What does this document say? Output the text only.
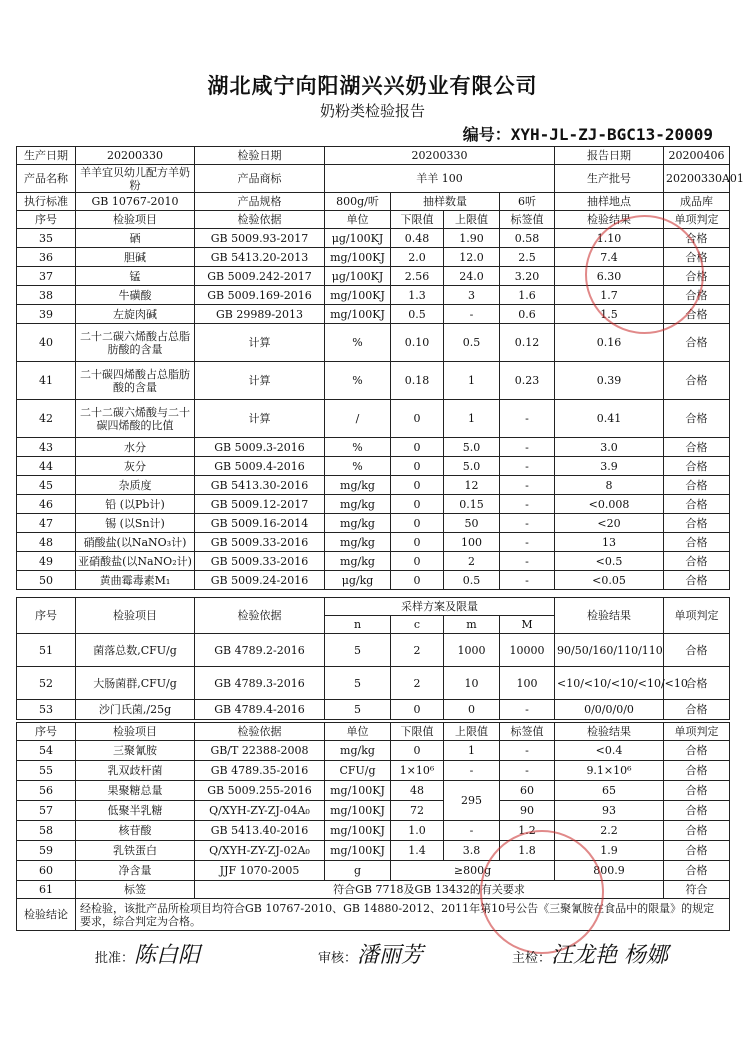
湖北咸宁向阳湖兴兴奶业有限公司
奶粉类检验报告
编号：XYH-JL-ZJ-BGC13-20009
生产日期	20200330	检验日期	20200330				报告日期	20200406
产品名称	羊羊宜贝幼儿配方羊奶粉	产品商标	羊羊 100				生产批号	20200330A01
执行标准	GB 10767-2010	产品规格	800g/听	抽样数量		6听	抽样地点	成品库
序号	检验项目	检验依据	单位	下限值	上限值	标签值	检验结果	单项判定
35	硒	GB 5009.93-2017	μg/100KJ	0.48	1.90	0.58	1.10	合格
36	胆碱	GB 5413.20-2013	mg/100KJ	2.0	12.0	2.5	7.4	合格
37	锰	GB 5009.242-2017	μg/100KJ	2.56	24.0	3.20	6.30	合格
38	牛磺酸	GB 5009.169-2016	mg/100KJ	1.3	3	1.6	1.7	合格
39	左旋肉碱	GB 29989-2013	mg/100KJ	0.5	-	0.6	1.5	合格
40	二十二碳六烯酸占总脂肪酸的含量	计算	%	0.10	0.5	0.12	0.16	合格
41	二十碳四烯酸占总脂肪酸的含量	计算	%	0.18	1	0.23	0.39	合格
42	二十二碳六烯酸与二十碳四烯酸的比值	计算	/	0	1	-	0.41	合格
43	水分	GB 5009.3-2016	%	0	5.0	-	3.0	合格
44	灰分	GB 5009.4-2016	%	0	5.0	-	3.9	合格
45	杂质度	GB 5413.30-2016	mg/kg	0	12	-	8	合格
46	铅 (以Pb计)	GB 5009.12-2017	mg/kg	0	0.15	-	<0.008	合格
47	锡 (以Sn计)	GB 5009.16-2014	mg/kg	0	50	-	<20	合格
48	硝酸盐(以NaNO₃计)	GB 5009.33-2016	mg/kg	0	100	-	13	合格
49	亚硝酸盐(以NaNO₂计)	GB 5009.33-2016	mg/kg	0	2	-	<0.5	合格
50	黄曲霉毒素M₁	GB 5009.24-2016	μg/kg	0	0.5	-	<0.05	合格
序号	检验项目	检验依据	采样方案及限量				检验结果	单项判定
			n	c	m	M		
51	菌落总数,CFU/g	GB 4789.2-2016	5	2	1000	10000	90/50/160/110/110	合格
52	大肠菌群,CFU/g	GB 4789.3-2016	5	2	10	100	<10/<10/<10/<10/<10	合格
53	沙门氏菌,/25g	GB 4789.4-2016	5	0	0	-	0/0/0/0/0	合格
序号	检验项目	检验依据	单位	下限值	上限值	标签值	检验结果	单项判定
54	三聚氰胺	GB/T 22388-2008	mg/kg	0	1	-	<0.4	合格
55	乳双歧杆菌	GB 4789.35-2016	CFU/g	1×10⁶	-	-	9.1×10⁶	合格
56	果聚糖总量	GB 5009.255-2016	mg/100KJ	48	295	60	65	合格
57	低聚半乳糖	Q/XYH-ZY-ZJ-04A₀	mg/100KJ	72		90	93	合格
58	核苷酸	GB 5413.40-2016	mg/100KJ	1.0	-	1.2	2.2	合格
59	乳铁蛋白	Q/XYH-ZY-ZJ-02A₀	mg/100KJ	1.4	3.8	1.8	1.9	合格
60	净含量	JJF 1070-2005	g	≥800g			800.9	合格
61	标签	符合GB 7718及GB 13432的有关要求						符合
检验结论	经检验，该批产品所检项目均符合GB 10767-2010、GB 14880-2012、2011年第10号公告《三聚氰胺在食品中的限量》的规定要求，综合判定为合格。							
批准：陈白阳	审核：潘丽芳	主检：汪龙艳 杨娜
